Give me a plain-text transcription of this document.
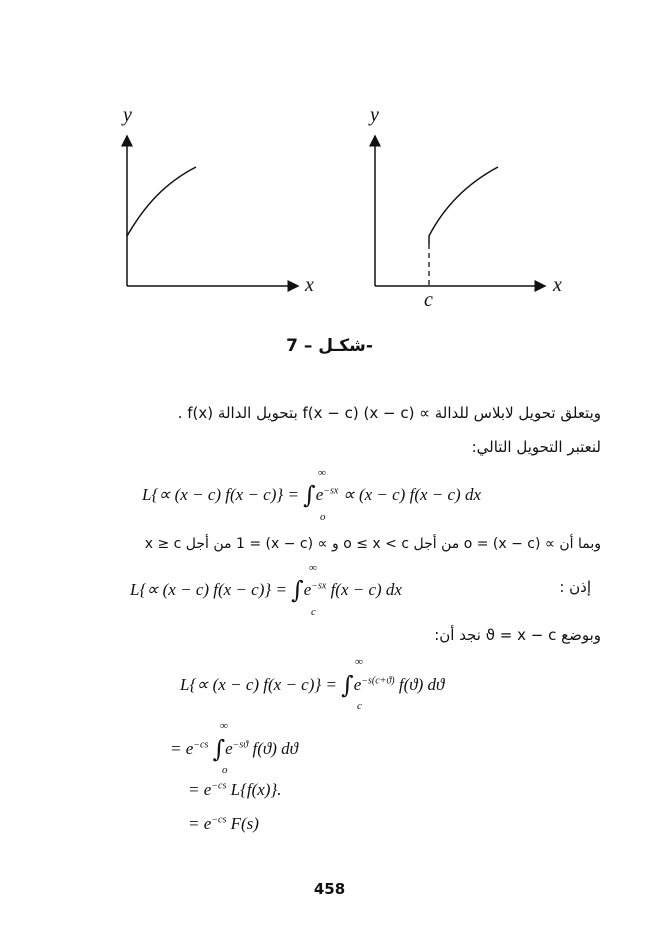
y
x
y
x
c
شكـل – 7-
ويتعلق تحويل لابلاس للدالة ∝ (x − c) f(x − c) بتحويل الدالة f(x) .
لنعتبر التحويل التالي:
L{∝ (x − c) $f(x - c)\} = \int e^{-sx} \propto (x - c) f(x - c)$ dx
∞
o
وبما أن ∝ (x − c) = o من أجل o ≤ x < c و ∝ (x − c) = 1 من أجل x ≥ c
L{∝ (x − c) $f(x - c)\} = \int e^{-sx}$ f(x − c) dx
∞
c
إذن :
وبوضع ϑ = x − c نجد أن:
L{∝ (x − c) $f(x - c)\} = \int e^{-s(c+ϑ)}$ f(ϑ) dϑ
∞
c
= $e^{-cs}$ $\int e^{-sϑ}$ f(ϑ) dϑ
∞
o
= $e^{-cs}$ L{f(x)}.
= $e^{-cs}$ F(s)
458
